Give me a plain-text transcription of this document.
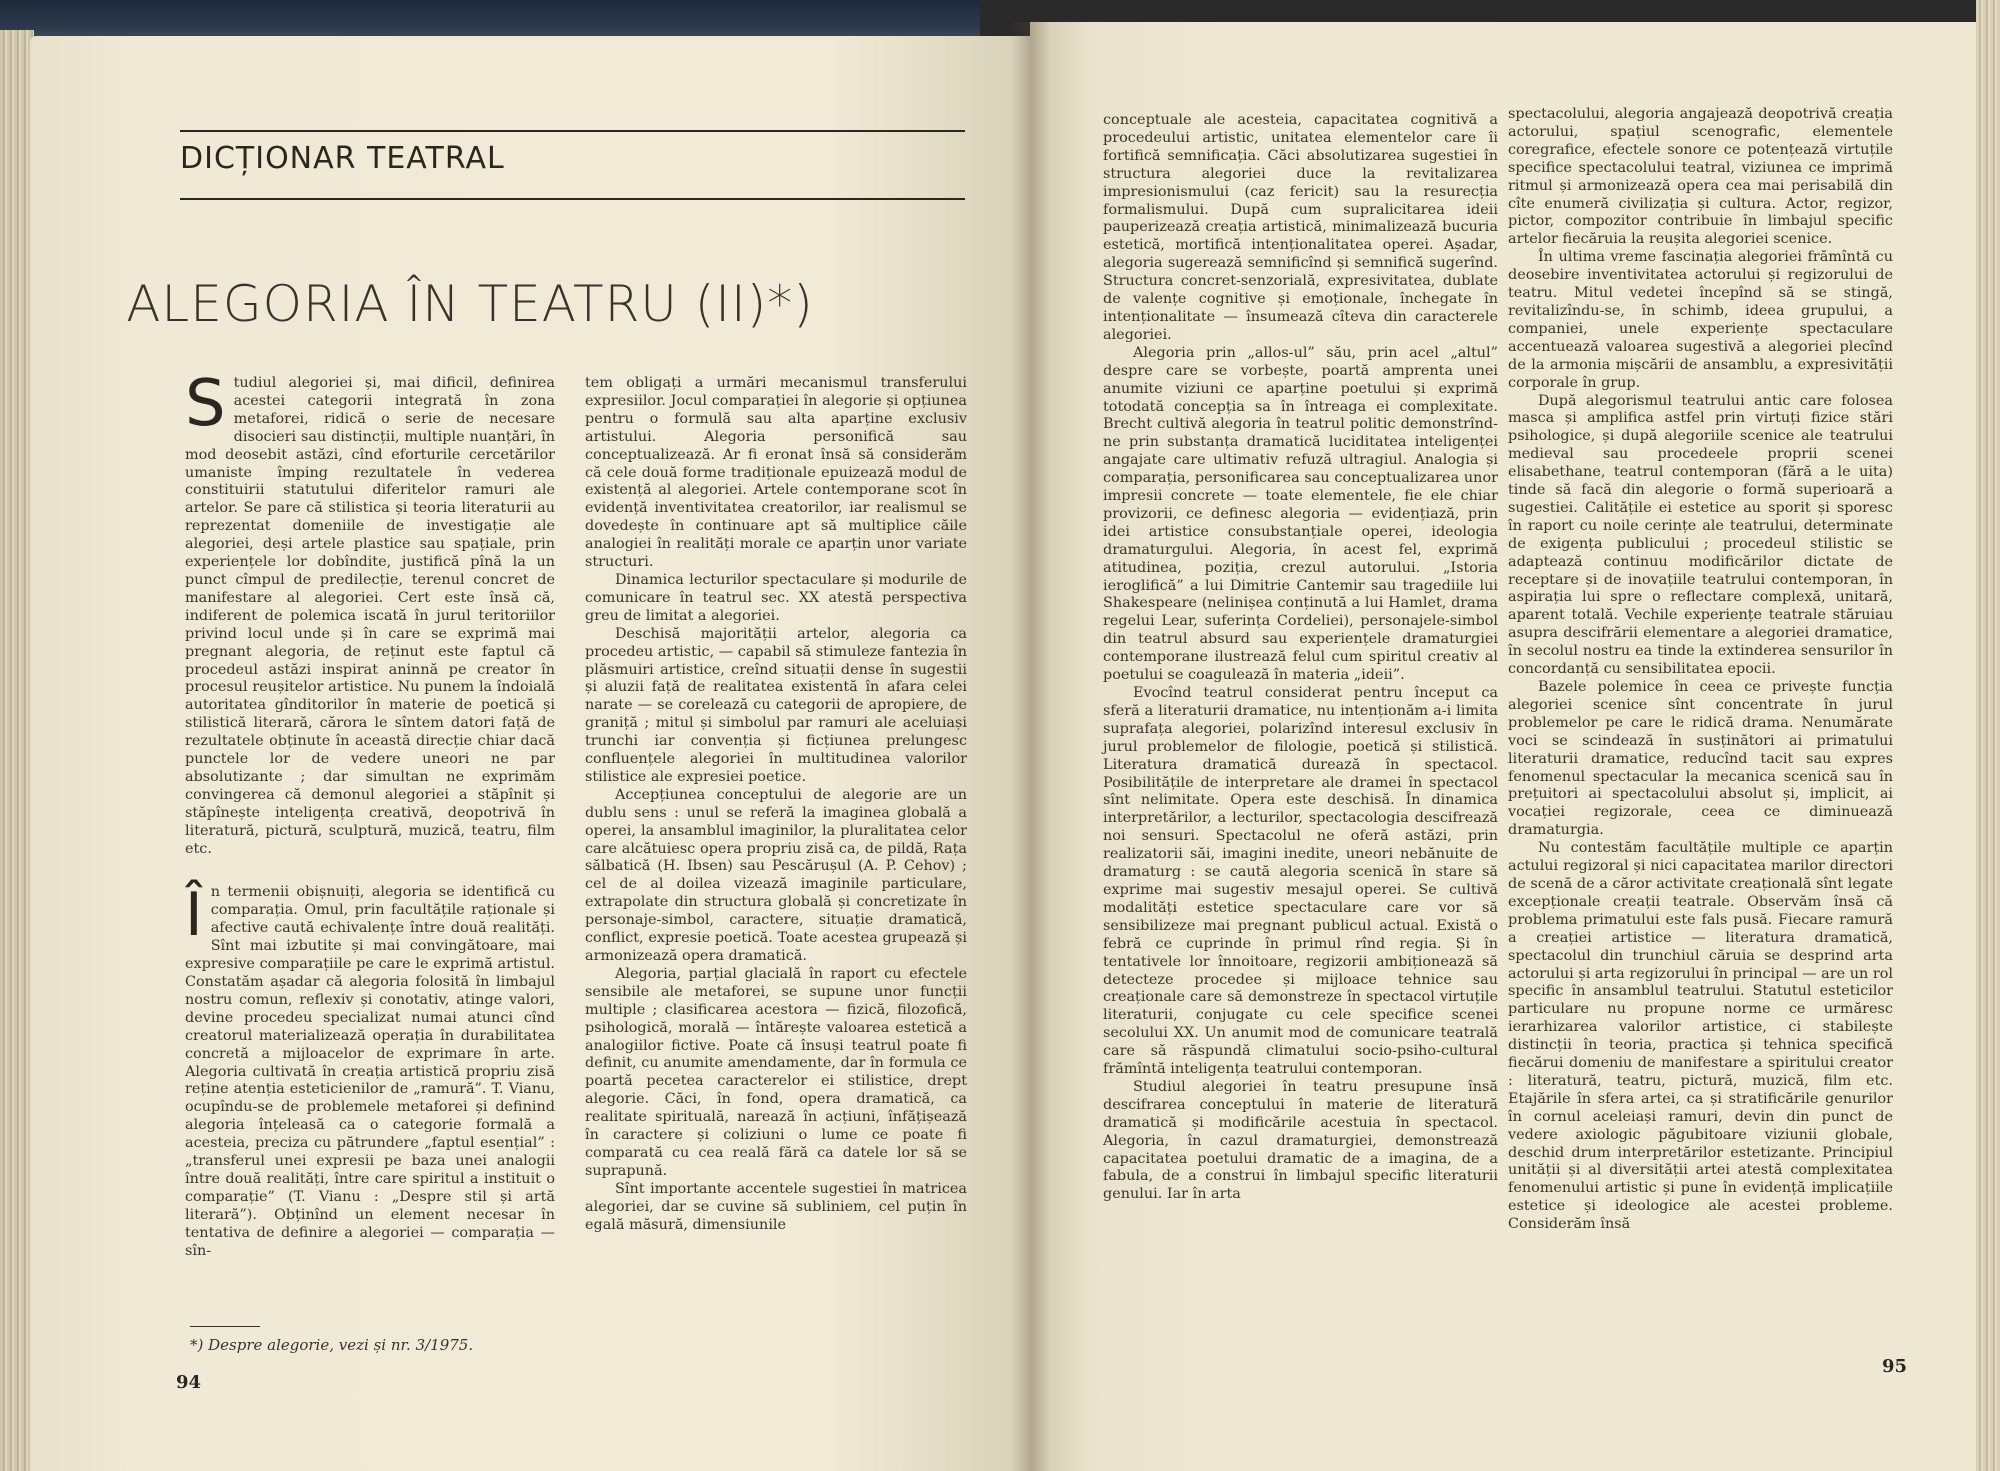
DICȚIONAR TEATRAL
ALEGORIA ÎN TEATRU (II)*)

Studiul alegoriei și, mai dificil, definirea acestei categorii integrată în zona metaforei, ridică o serie de necesare disocieri sau distincții, multiple nuanțări, în mod deosebit astăzi, cînd eforturile cercetărilor umaniste împing rezultatele în vederea constituirii statutului diferitelor ramuri ale artelor. Se pare că stilistica și teoria literaturii au reprezentat domeniile de investigație ale alegoriei, deși artele plastice sau spațiale, prin experiențele lor dobîndite, justifică pînă la un punct cîmpul de predilecție, terenul concret de manifestare al alegoriei. Cert este însă că, indiferent de polemica iscată în jurul teritoriilor privind locul unde și în care se exprimă mai pregnant alegoria, de reținut este faptul că procedeul astăzi inspirat aninnă pe creator în procesul reușitelor artistice. Nu punem la îndoială autoritatea gînditorilor în materie de poetică și stilistică literară, cărora le sîntem datori față de rezultatele obținute în această direcție chiar dacă punctele lor de vedere uneori ne par absolutizante ; dar simultan ne exprimăm convingerea că demonul alegoriei a stăpînit și stăpînește inteligența creativă, deopotrivă în literatură, pictură, sculptură, muzică, teatru, film etc.

În termenii obișnuiți, alegoria se identifică cu comparația. Omul, prin facultățile raționale și afective caută echivalențe între două realități. Sînt mai izbutite și mai convingătoare, mai expresive comparațiile pe care le exprimă artistul. Constatăm așadar că alegoria folosită în limbajul nostru comun, reflexiv și conotativ, atinge valori, devine procedeu specializat numai atunci cînd creatorul materializează operația în durabilitatea concretă a mijloacelor de exprimare în arte. Alegoria cultivată în creația artistică propriu zisă reține atenția esteticienilor de „ramură”. T. Vianu, ocupîndu-se de problemele metaforei și definind alegoria înțeleasă ca o categorie formală a acesteia, preciza cu pătrundere „faptul esențial” : „transferul unei expresii pe baza unei analogii între două realități, între care spiritul a instituit o comparație” (T. Vianu : „Despre stil și artă literară”). Obținînd un element necesar în tentativa de definire a alegoriei — comparația — sîn-

*) Despre alegorie, vezi și nr. 3/1975.

tem obligați a urmări mecanismul transferului expresiilor. Jocul comparației în alegorie și opțiunea pentru o formulă sau alta aparține exclusiv artistului. Alegoria personifică sau conceptualizează. Ar fi eronat însă să considerăm că cele două forme tradiționale epuizează modul de existență al alegoriei. Artele contemporane scot în evidență inventivitatea creatorilor, iar realismul se dovedește în continuare apt să multiplice căile analogiei în realități morale ce aparțin unor variate structuri.

Dinamica lecturilor spectaculare și modurile de comunicare în teatrul sec. XX atestă perspectiva greu de limitat a alegoriei.

Deschisă majorității artelor, alegoria ca procedeu artistic, — capabil să stimuleze fantezia în plăsmuiri artistice, creînd situații dense în sugestii și aluzii față de realitatea existentă în afara celei narate — se corelează cu categorii de apropiere, de graniță ; mitul și simbolul par ramuri ale aceluiași trunchi iar convenția și ficțiunea prelungesc confluențele alegoriei în multitudinea valorilor stilistice ale expresiei poetice.

Accepțiunea conceptului de alegorie are un dublu sens : unul se referă la imaginea globală a operei, la ansamblul imaginilor, la pluralitatea celor care alcătuiesc opera propriu zisă ca, de pildă, Rața sălbatică (H. Ibsen) sau Pescărușul (A. P. Cehov) ; cel de al doilea vizează imaginile particulare, extrapolate din structura globală și concretizate în personaje-simbol, caractere, situație dramatică, conflict, expresie poetică. Toate acestea grupează și armonizează opera dramatică.

Alegoria, parțial glacială în raport cu efectele sensibile ale metaforei, se supune unor funcții multiple ; clasificarea acestora — fizică, filozofică, psihologică, morală — întărește valoarea estetică a analogiilor fictive. Poate că însuși teatrul poate fi definit, cu anumite amendamente, dar în formula ce poartă pecetea caracterelor ei stilistice, drept alegorie. Căci, în fond, opera dramatică, ca realitate spirituală, narează în acțiuni, înfățișează în caractere și coliziuni o lume ce poate fi comparată cu cea reală fără ca datele lor să se suprapună.

Sînt importante accentele sugestiei în matricea alegoriei, dar se cuvine să subliniem, cel puțin în egală măsură, dimensiunile

conceptuale ale acesteia, capacitatea cognitivă a procedeului artistic, unitatea elementelor care îi fortifică semnificația. Căci absolutizarea sugestiei în structura alegoriei duce la revitalizarea impresionismului (caz fericit) sau la resurecția formalismului. După cum supralicitarea ideii pauperizează creația artistică, minimalizează bucuria estetică, mortifică intenționalitatea operei. Așadar, alegoria sugerează semnificînd și semnifică sugerînd. Structura concret-senzorială, expresivitatea, dublate de valențe cognitive și emoționale, închegate în intenționalitate — însumează cîteva din caracterele alegoriei.

Alegoria prin „allos-ul” său, prin acel „altul” despre care se vorbește, poartă amprenta unei anumite viziuni ce aparține poetului și exprimă totodată concepția sa în întreaga ei complexitate. Brecht cultivă alegoria în teatrul politic demonstrînd-ne prin substanța dramatică luciditatea inteligenței angajate care ultimativ refuză ultragiul. Analogia și comparația, personificarea sau conceptualizarea unor impresii concrete — toate elementele, fie ele chiar provizorii, ce definesc alegoria — evidențiază, prin idei artistice consubstanțiale operei, ideologia dramaturgului. Alegoria, în acest fel, exprimă atitudinea, poziția, crezul autorului. „Istoria ieroglifică” a lui Dimitrie Cantemir sau tragediile lui Shakespeare (nelinișea conținută a lui Hamlet, drama regelui Lear, suferința Cordeliei), personajele-simbol din teatrul absurd sau experiențele dramaturgiei contemporane ilustrează felul cum spiritul creativ al poetului se coagulează în materia „ideii”.

Evocînd teatrul considerat pentru început ca sferă a literaturii dramatice, nu intenționăm a-i limita suprafața alegoriei, polarizînd interesul exclusiv în jurul problemelor de filologie, poetică și stilistică. Literatura dramatică durează în spectacol. Posibilitățile de interpretare ale dramei în spectacol sînt nelimitate. Opera este deschisă. În dinamica interpretărilor, a lecturilor, spectacologia descifrează noi sensuri. Spectacolul ne oferă astăzi, prin realizatorii săi, imagini inedite, uneori nebănuite de dramaturg : se caută alegoria scenică în stare să exprime mai sugestiv mesajul operei. Se cultivă modalități estetice spectaculare care vor să sensibilizeze mai pregnant publicul actual. Există o febră ce cuprinde în primul rînd regia. Și în tentativele lor înnoitoare, regizorii ambiționează să detecteze procedee și mijloace tehnice sau creaționale care să demonstreze în spectacol virtuțile literaturii, conjugate cu cele specifice scenei secolului XX. Un anumit mod de comunicare teatrală care să răspundă climatului socio-psiho-cultural frămîntă inteligența teatrului contemporan.

Studiul alegoriei în teatru presupune însă descifrarea conceptului în materie de literatură dramatică și modificările acestuia în spectacol. Alegoria, în cazul dramaturgiei, demonstrează capacitatea poetului dramatic de a imagina, de a fabula, de a construi în limbajul specific literaturii genului. Iar în arta

spectacolului, alegoria angajează deopotrivă creația actorului, spațiul scenografic, elementele coregrafice, efectele sonore ce potențează virtuțile specifice spectacolului teatral, viziunea ce imprimă ritmul și armonizează opera cea mai perisabilă din cîte enumeră civilizația și cultura. Actor, regizor, pictor, compozitor contribuie în limbajul specific artelor fiecăruia la reușita alegoriei scenice.

În ultima vreme fascinația alegoriei frămîntă cu deosebire inventivitatea actorului și regizorului de teatru. Mitul vedetei începînd să se stingă, revitalizîndu-se, în schimb, ideea grupului, a companiei, unele experiențe spectaculare accentuează valoarea sugestivă a alegoriei plecînd de la armonia mișcării de ansamblu, a expresivității corporale în grup.

După alegorismul teatrului antic care folosea masca și amplifica astfel prin virtuți fizice stări psihologice, și după alegoriile scenice ale teatrului medieval sau procedeele proprii scenei elisabethane, teatrul contemporan (fără a le uita) tinde să facă din alegorie o formă superioară a sugestiei. Calitățile ei estetice au sporit și sporesc în raport cu noile cerințe ale teatrului, determinate de exigența publicului ; procedeul stilistic se adaptează continuu modificărilor dictate de receptare și de inovațiile teatrului contemporan, în aspirația lui spre o reflectare complexă, unitară, aparent totală. Vechile experiențe teatrale stăruiau asupra descifrării elementare a alegoriei dramatice, în secolul nostru ea tinde la extinderea sensurilor în concordanță cu sensibilitatea epocii.

Bazele polemice în ceea ce privește funcția alegoriei scenice sînt concentrate în jurul problemelor pe care le ridică drama. Nenumărate voci se scindează în susținători ai primatului literaturii dramatice, reducînd tacit sau expres fenomenul spectacular la mecanica scenică sau în prețuitori ai spectacolului absolut și, implicit, ai vocației regizorale, ceea ce diminuează dramaturgia.

Nu contestăm facultățile multiple ce aparțin actului regizoral și nici capacitatea marilor directori de scenă de a căror activitate creațională sînt legate excepționale creații teatrale. Observăm însă că problema primatului este fals pusă. Fiecare ramură a creației artistice — literatura dramatică, spectacolul din trunchiul căruia se desprind arta actorului și arta regizorului în principal — are un rol specific în ansamblul teatrului. Statutul esteticilor particulare nu propune norme ce urmăresc ierarhizarea valorilor artistice, ci stabilește distincții în teoria, practica și tehnica specifică fiecărui domeniu de manifestare a spiritului creator : literatură, teatru, pictură, muzică, film etc. Etajările în sfera artei, ca și stratificările genurilor în cornul aceleiași ramuri, devin din punct de vedere axiologic păgubitoare viziunii globale, deschid drum interpretărilor estetizante. Principiul unității și al diversității artei atestă complexitatea fenomenului artistic și pune în evidență implicațiile estetice și ideologice ale acestei probleme. Considerăm însă

94
95
